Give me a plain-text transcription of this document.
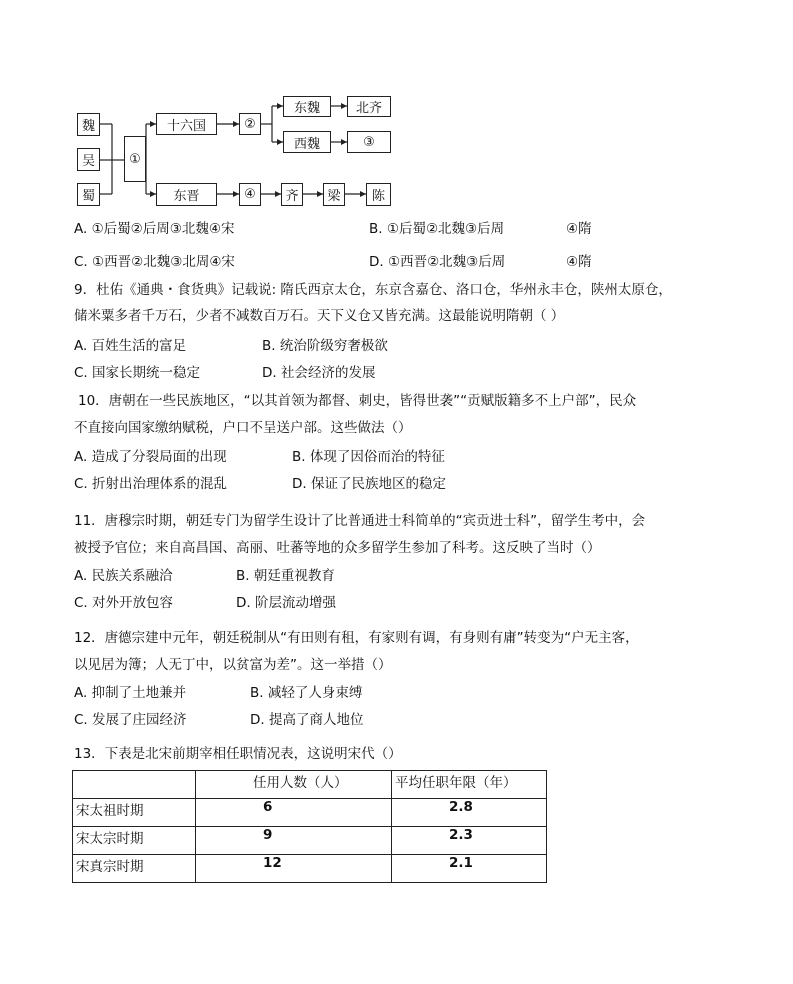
魏
吴
蜀
①
十六国	②
东魏	北齐
西魏	③
东晋	④	齐	梁	陈
A. ①后蜀②后周③北魏④宋	B. ①后蜀②北魏③后周	④隋
C. ①西晋②北魏③北周④宋	D. ①西晋②北魏③后周	④隋
9．杜佑《通典・食货典》记载说: 隋氏西京太仓，东京含嘉仓、洛口仓，华州永丰仓，陕州太原仓，
储米粟多者千万石，少者不减数百万石。天下义仓又皆充满。这最能说明隋朝（ ）
A. 百姓生活的富足	B. 统治阶级穷奢极欲
C. 国家长期统一稳定	D. 社会经济的发展
10．唐朝在一些民族地区，“以其首领为都督、刺史，皆得世袭”“贡赋版籍多不上户部”，民众
不直接向国家缴纳赋税，户口不呈送户部。这些做法（）
A. 造成了分裂局面的出现	B. 体现了因俗而治的特征
C. 折射出治理体系的混乱	D. 保证了民族地区的稳定
11．唐穆宗时期，朝廷专门为留学生设计了比普通进士科简单的“宾贡进士科”，留学生考中，会
被授予官位；来自高昌国、高丽、吐蕃等地的众多留学生参加了科考。这反映了当时（）
A. 民族关系融洽	B. 朝廷重视教育
C. 对外开放包容	D. 阶层流动增强
12．唐德宗建中元年，朝廷税制从“有田则有租，有家则有调，有身则有庸”转变为“户无主客，
以见居为簿；人无丁中，以贫富为差”。这一举措（）
A. 抑制了土地兼并	B. 减轻了人身束缚
C. 发展了庄园经济	D. 提高了商人地位
13．下表是北宋前期宰相任职情况表，这说明宋代（）
	任用人数（人）	平均任职年限（年）
宋太祖时期	6	2.8
宋太宗时期	9	2.3
宋真宗时期	12	2.1
